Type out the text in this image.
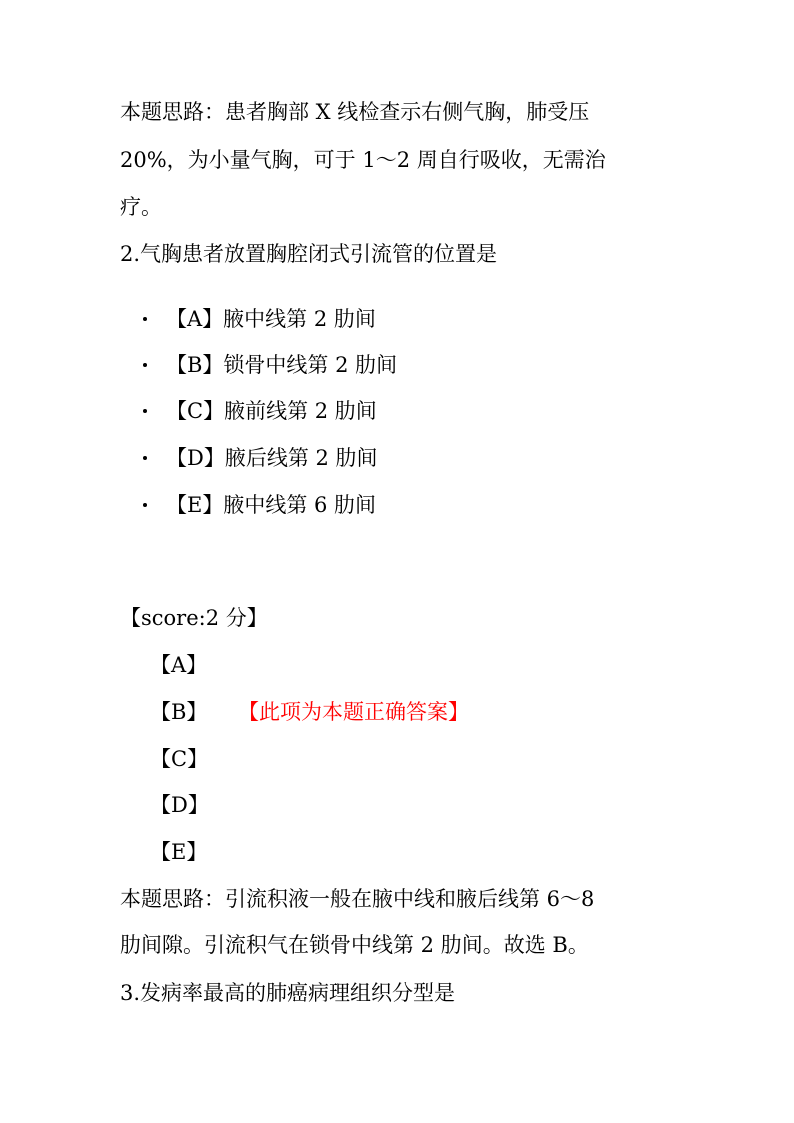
本题思路：患者胸部 X 线检查示右侧气胸，肺受压
20%，为小量气胸，可于 1～2 周自行吸收，无需治
疗。
2.气胸患者放置胸腔闭式引流管的位置是
【A】腋中线第 2 肋间
【B】锁骨中线第 2 肋间
【C】腋前线第 2 肋间
【D】腋后线第 2 肋间
【E】腋中线第 6 肋间
【score:2 分】
【A】
【B】 【此项为本题正确答案】
【C】
【D】
【E】
本题思路：引流积液一般在腋中线和腋后线第 6～8
肋间隙。引流积气在锁骨中线第 2 肋间。故选 B。
3.发病率最高的肺癌病理组织分型是
